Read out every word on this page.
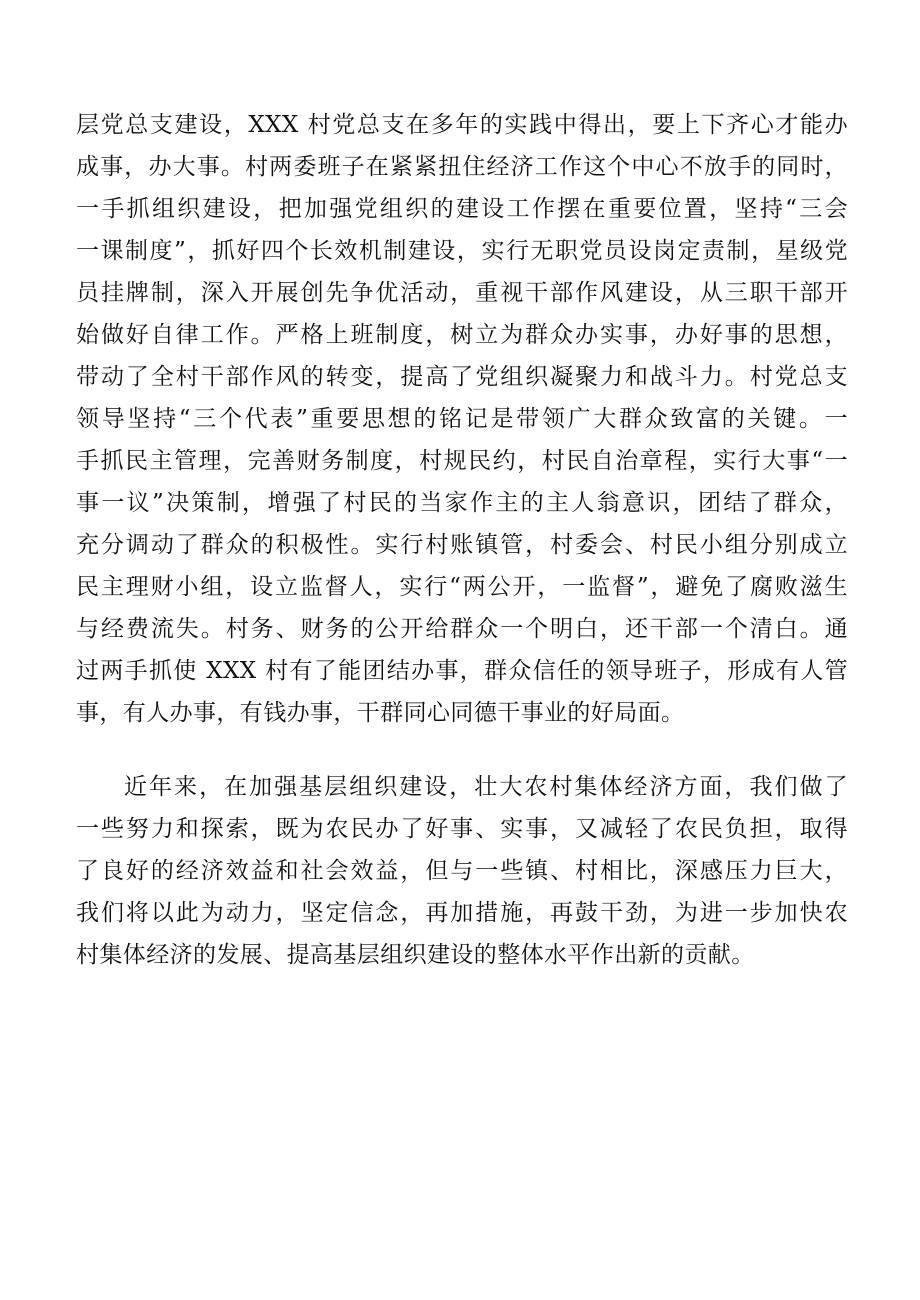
层党总支建设，XXX 村党总支在多年的实践中得出，要上下齐心才能办
成事，办大事。村两委班子在紧紧扭住经济工作这个中心不放手的同时，
一手抓组织建设，把加强党组织的建设工作摆在重要位置，坚持“三会
一课制度”，抓好四个长效机制建设，实行无职党员设岗定责制，星级党
员挂牌制，深入开展创先争优活动，重视干部作风建设，从三职干部开
始做好自律工作。严格上班制度，树立为群众办实事，办好事的思想，
带动了全村干部作风的转变，提高了党组织凝聚力和战斗力。村党总支
领导坚持“三个代表”重要思想的铭记是带领广大群众致富的关键。一
手抓民主管理，完善财务制度，村规民约，村民自治章程，实行大事“一
事一议”决策制，增强了村民的当家作主的主人翁意识，团结了群众，
充分调动了群众的积极性。实行村账镇管，村委会、村民小组分别成立
民主理财小组，设立监督人，实行“两公开，一监督”，避免了腐败滋生
与经费流失。村务、财务的公开给群众一个明白，还干部一个清白。通
过两手抓使 XXX 村有了能团结办事，群众信任的领导班子，形成有人管
事，有人办事，有钱办事，干群同心同德干事业的好局面。
近年来，在加强基层组织建设，壮大农村集体经济方面，我们做了
一些努力和探索，既为农民办了好事、实事，又减轻了农民负担，取得
了良好的经济效益和社会效益，但与一些镇、村相比，深感压力巨大，
我们将以此为动力，坚定信念，再加措施，再鼓干劲，为进一步加快农
村集体经济的发展、提高基层组织建设的整体水平作出新的贡献。
